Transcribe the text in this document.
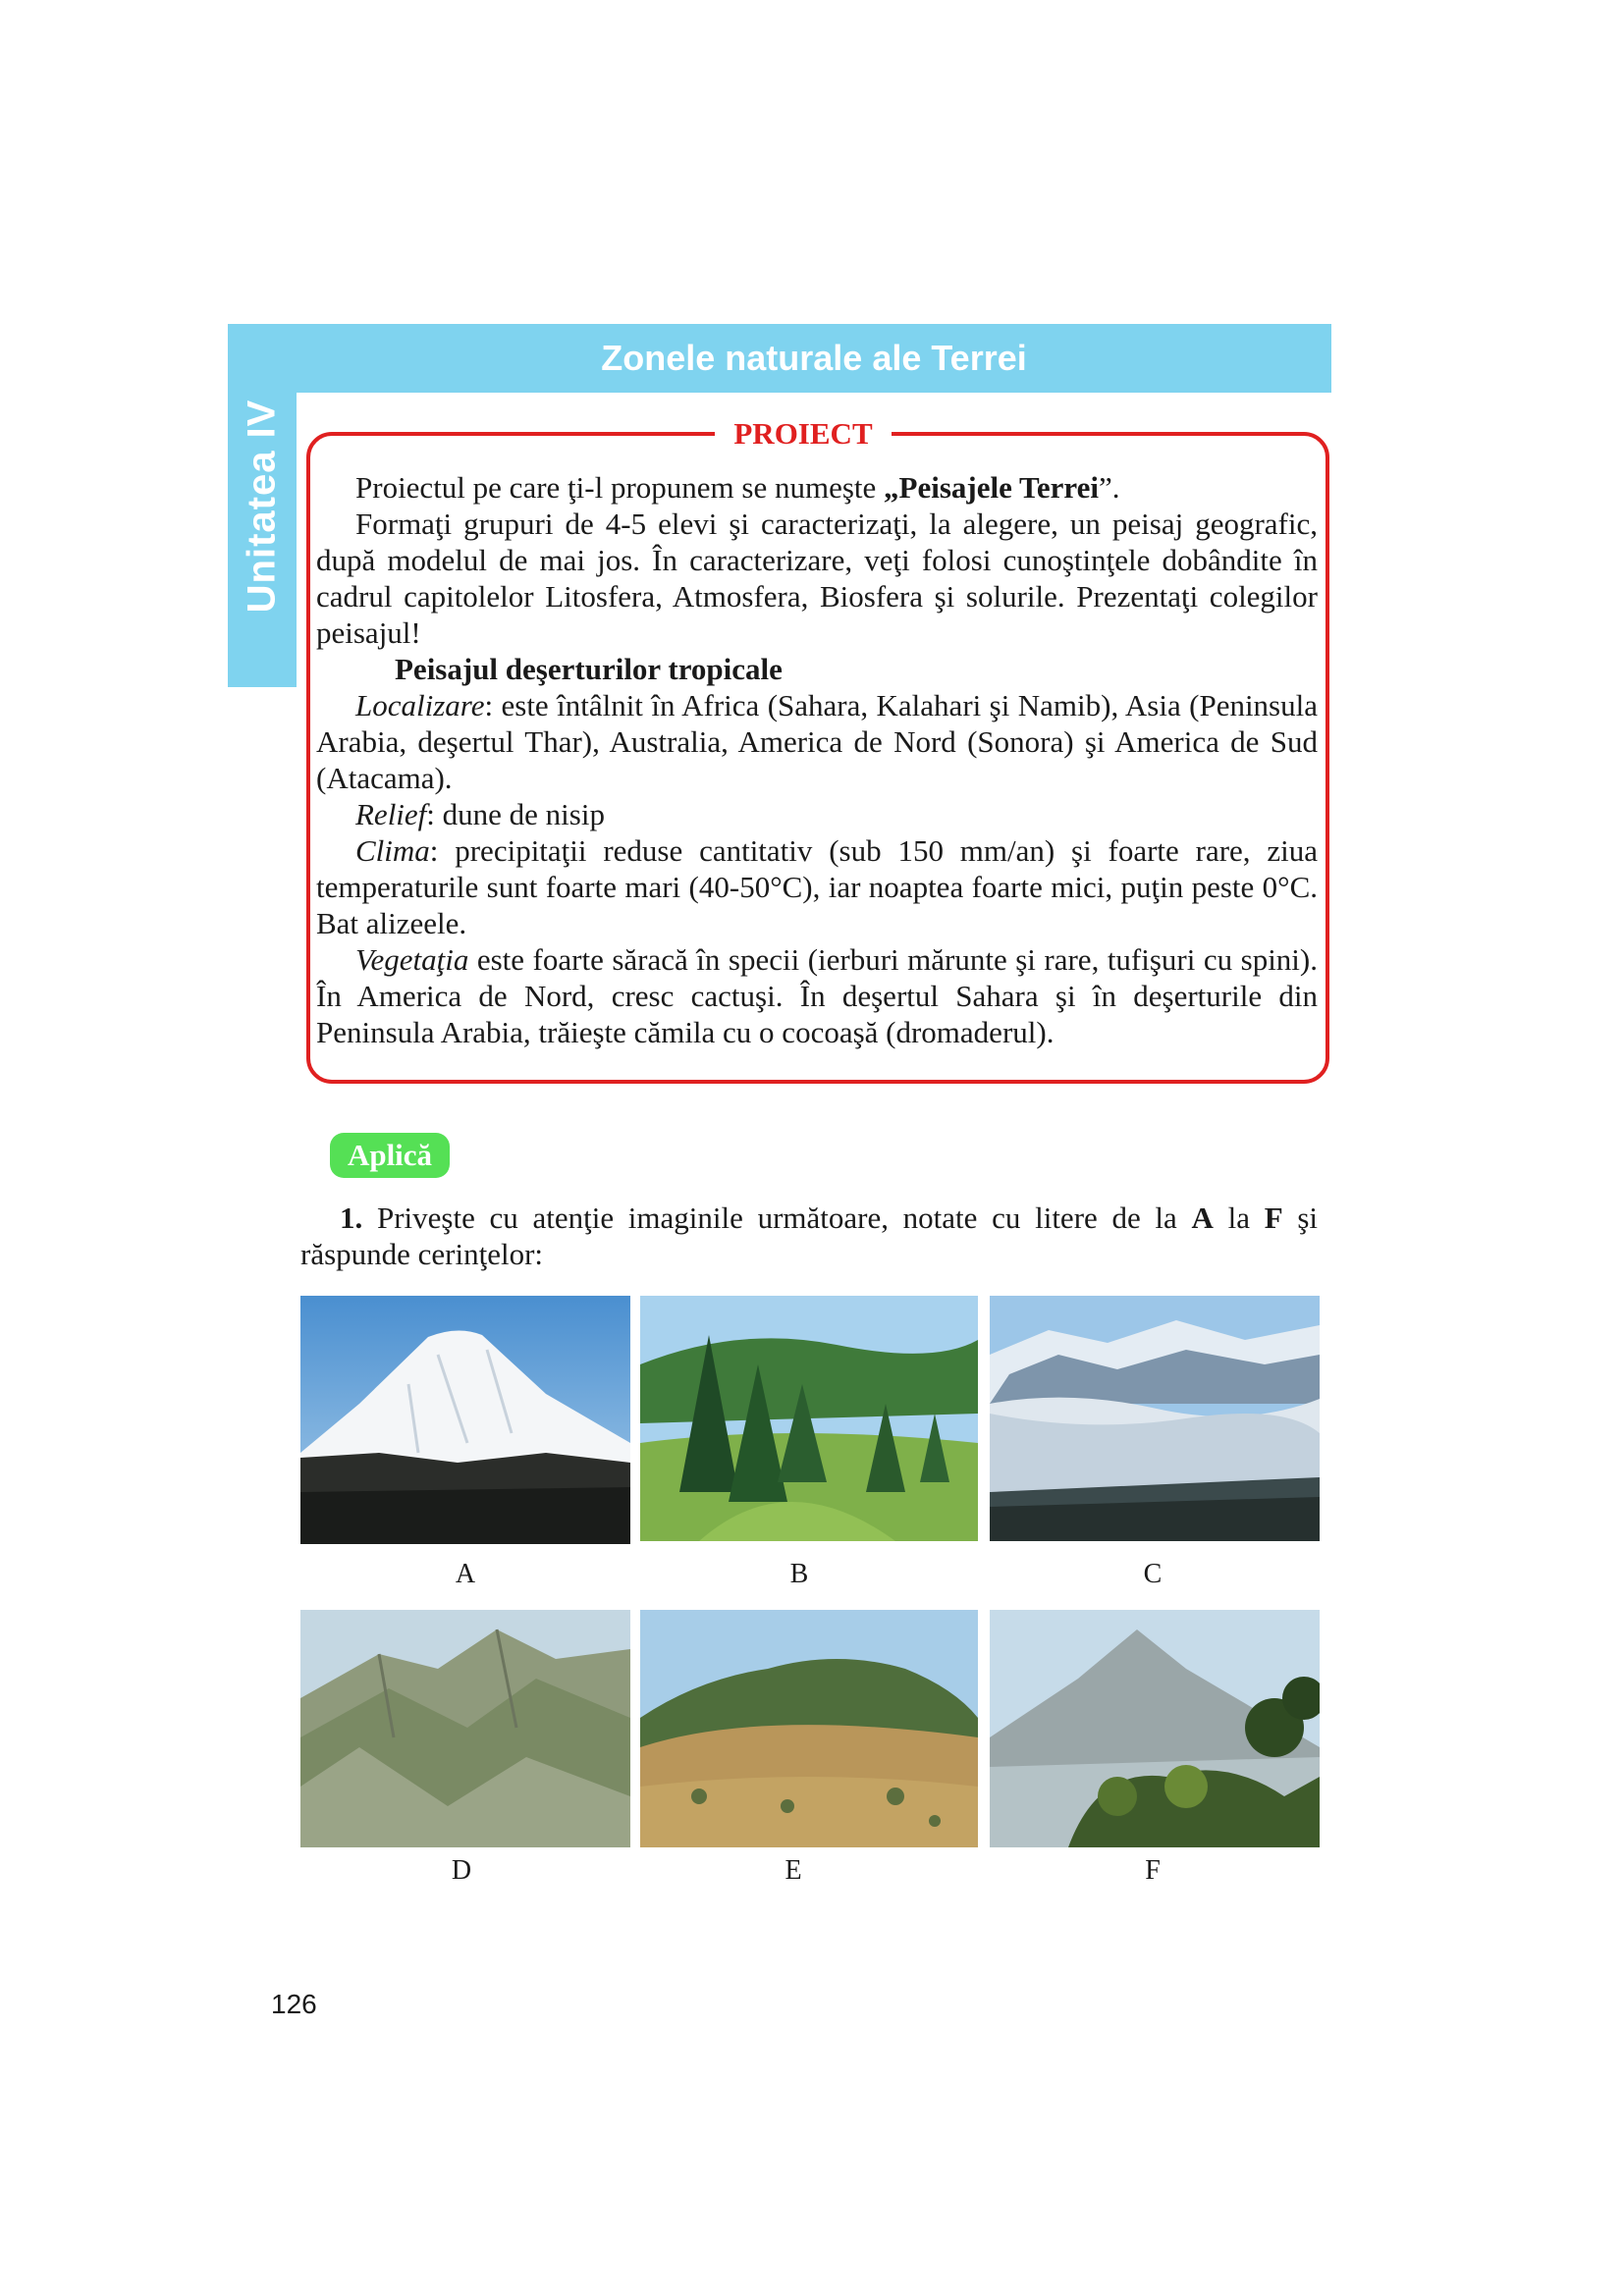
Unitatea IV
Zonele naturale ale Terrei
PROIECT

Proiectul pe care ţi-l propunem se numeşte „Peisajele Terrei”.

Formaţi grupuri de 4-5 elevi şi caracterizaţi, la alegere, un peisaj geografic, după modelul de mai jos. În caracterizare, veţi folosi cunoştinţele dobândite în cadrul capitolelor Litosfera, Atmosfera, Biosfera şi solurile. Prezentaţi colegilor peisajul!

Peisajul deşerturilor tropicale

Localizare: este întâlnit în Africa (Sahara, Kalahari şi Namib), Asia (Peninsula Arabia, deşertul Thar), Australia, America de Nord (Sonora) şi America de Sud (Atacama).

Relief: dune de nisip

Clima: precipitaţii reduse cantitativ (sub 150 mm/an) şi foarte rare, ziua temperaturile sunt foarte mari (40-50°C), iar noaptea foarte mici, puţin peste 0°C. Bat alizeele.

Vegetaţia este foarte săracă în specii (ierburi mărunte şi rare, tufişuri cu spini). În America de Nord, cresc cactuşi. În deşertul Sahara şi în deşerturile din Peninsula Arabia, trăieşte cămila cu o cocoaşă (dromaderul).

Aplică

1. Priveşte cu atenţie imaginile următoare, notate cu litere de la A la F şi răspunde cerinţelor:

A	B	C
D	E	F
126
